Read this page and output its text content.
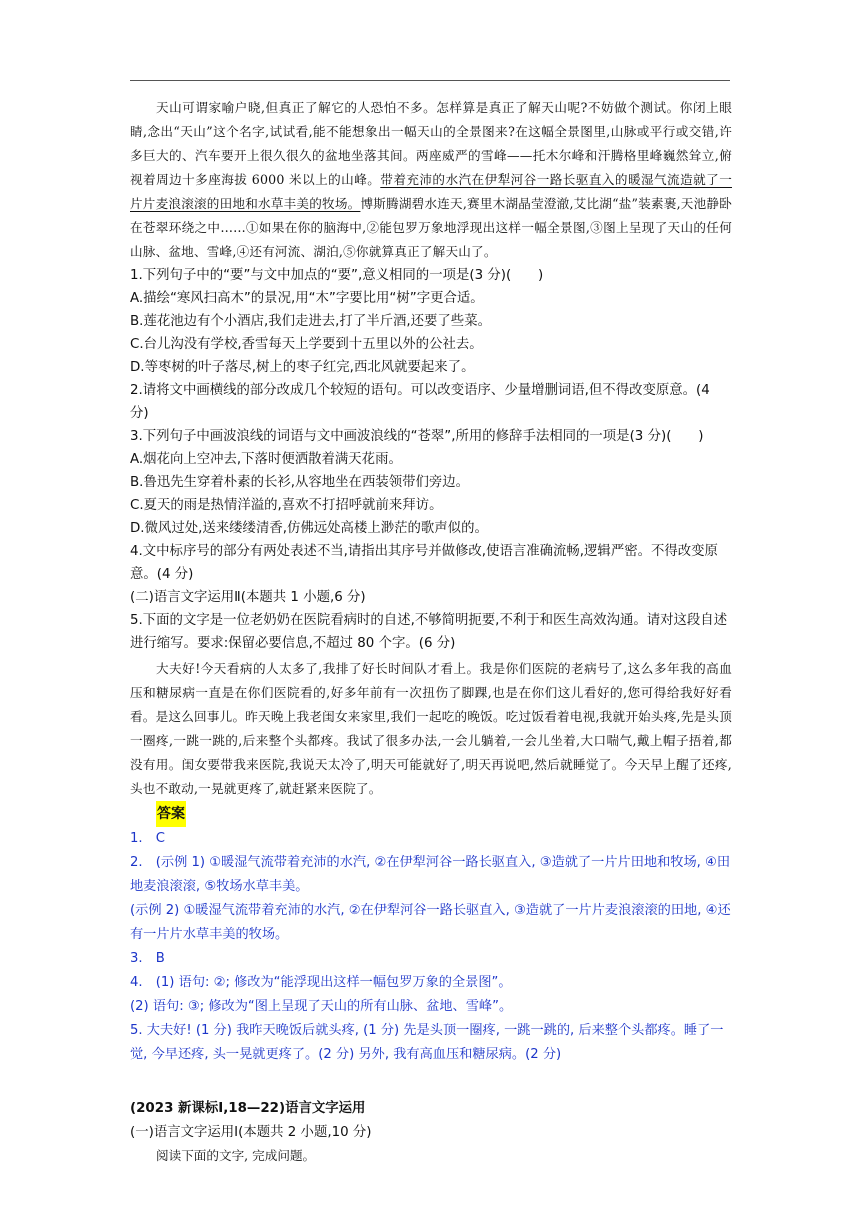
天山可谓家喻户晓,但真正了解它的人恐怕不多。怎样算是真正了解天山呢?不妨做个测试。你闭上眼睛,念出“天山”这个名字,试试看,能不能想象出一幅天山的全景图来?在这幅全景图里,山脉或平行或交错,许多巨大的、汽车要开上很久很久的盆地坐落其间。两座威严的雪峰——托木尔峰和汗腾格里峰巍然耸立,俯视着周边十多座海拔 6000 米以上的山峰。带着充沛的水汽在伊犁河谷一路长驱直入的暖湿气流造就了一片片麦浪滚滚的田地和水草丰美的牧场。博斯腾湖碧水连天,赛里木湖晶莹澄澈,艾比湖“盐”装素裹,天池静卧在苍翠环绕之中……①如果在你的脑海中,②能包罗万象地浮现出这样一幅全景图,③图上呈现了天山的任何山脉、盆地、雪峰,④还有河流、湖泊,⑤你就算真正了解天山了。

1.下列句子中的“要”与文中加点的“要”,意义相同的一项是(3 分)(　　)

A.描绘“寒风扫高木”的景况,用“木”字要比用“树”字更合适。

B.莲花池边有个小酒店,我们走进去,打了半斤酒,还要了些菜。

C.台儿沟没有学校,香雪每天上学要到十五里以外的公社去。

D.等枣树的叶子落尽,树上的枣子红完,西北风就要起来了。

2.请将文中画横线的部分改成几个较短的语句。可以改变语序、少量增删词语,但不得改变原意。(4 分)

3.下列句子中画波浪线的词语与文中画波浪线的“苍翠”,所用的修辞手法相同的一项是(3 分)(　　)

A.烟花向上空冲去,下落时便洒散着满天花雨。

B.鲁迅先生穿着朴素的长衫,从容地坐在西装领带们旁边。

C.夏天的雨是热情洋溢的,喜欢不打招呼就前来拜访。

D.微风过处,送来缕缕清香,仿佛远处高楼上渺茫的歌声似的。

4.文中标序号的部分有两处表述不当,请指出其序号并做修改,使语言准确流畅,逻辑严密。不得改变原意。(4 分)

(二)语言文字运用Ⅱ(本题共 1 小题,6 分)

5.下面的文字是一位老奶奶在医院看病时的自述,不够简明扼要,不利于和医生高效沟通。请对这段自述进行缩写。要求:保留必要信息,不超过 80 个字。(6 分)

大夫好!今天看病的人太多了,我排了好长时间队才看上。我是你们医院的老病号了,这么多年我的高血压和糖尿病一直是在你们医院看的,好多年前有一次扭伤了脚踝,也是在你们这儿看好的,您可得给我好好看看。是这么回事儿。昨天晚上我老闺女来家里,我们一起吃的晚饭。吃过饭看着电视,我就开始头疼,先是头顶一圈疼,一跳一跳的,后来整个头都疼。我试了很多办法,一会儿躺着,一会儿坐着,大口喘气,戴上帽子捂着,都没有用。闺女要带我来医院,我说天太冷了,明天可能就好了,明天再说吧,然后就睡觉了。今天早上醒了还疼,头也不敢动,一晃就更疼了,就赶紧来医院了。

答案

1.　C

2.　(示例 1) ①暖湿气流带着充沛的水汽, ②在伊犁河谷一路长驱直入, ③造就了一片片田地和牧场, ④田地麦浪滚滚, ⑤牧场水草丰美。

(示例 2) ①暖湿气流带着充沛的水汽, ②在伊犁河谷一路长驱直入, ③造就了一片片麦浪滚滚的田地, ④还有一片片水草丰美的牧场。

3.　B

4.　(1) 语句: ②; 修改为“能浮现出这样一幅包罗万象的全景图”。

(2) 语句: ③; 修改为“图上呈现了天山的所有山脉、盆地、雪峰”。

5. 大夫好! (1 分) 我昨天晚饭后就头疼, (1 分) 先是头顶一圈疼, 一跳一跳的, 后来整个头都疼。睡了一觉, 今早还疼, 头一晃就更疼了。(2 分) 另外, 我有高血压和糖尿病。(2 分)

(2023 新课标Ⅰ,18—22)语言文字运用

(一)语言文字运用Ⅰ(本题共 2 小题,10 分)

阅读下面的文字, 完成问题。
